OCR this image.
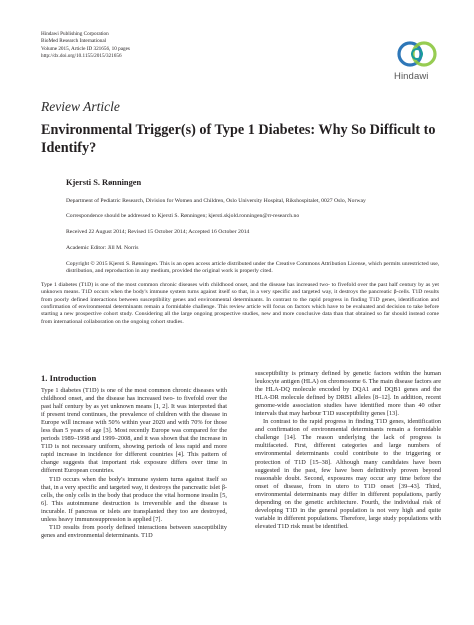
Hindawi Publishing Corporation
BioMed Research International
Volume 2015, Article ID 321656, 10 pages
http://dx.doi.org/10.1155/2015/321656
Hindawi
Review Article
Environmental Trigger(s) of Type 1 Diabetes: Why So Difficult to Identify?
Kjersti S. Rønningen
Department of Pediatric Research, Division for Women and Children, Oslo University Hospital, Rikshospitalet, 0027 Oslo, Norway
Correspondence should be addressed to Kjersti S. Rønningen; kjersti.skjold.ronningen@rr-research.no
Received 22 August 2014; Revised 15 October 2014; Accepted 16 October 2014
Academic Editor: Jill M. Norris
Copyright © 2015 Kjersti S. Rønningen. This is an open access article distributed under the Creative Commons Attribution License, which permits unrestricted use, distribution, and reproduction in any medium, provided the original work is properly cited.
Type 1 diabetes (T1D) is one of the most common chronic diseases with childhood onset, and the disease has increased two- to fivefold over the past half century by as yet unknown means. T1D occurs when the body's immune system turns against itself so that, in a very specific and targeted way, it destroys the pancreatic β-cells. T1D results from poorly defined interactions between susceptibility genes and environmental determinants. In contrast to the rapid progress in finding T1D genes, identification and confirmation of environmental determinants remain a formidable challenge. This review article will focus on factors which have to be evaluated and decision to take before starting a new prospective cohort study. Considering all the large ongoing prospective studies, new and more conclusive data than that obtained so far should instead come from international collaboration on the ongoing cohort studies.
1. Introduction

Type 1 diabetes (T1D) is one of the most common chronic diseases with childhood onset, and the disease has increased two- to fivefold over the past half century by as yet unknown means [1, 2]. It was interpreted that if present trend continues, the prevalence of children with the disease in Europe will increase with 50% within year 2020 and with 70% for those less than 5 years of age [3]. Most recently Europe was compared for the periods 1989–1998 and 1999–2008, and it was shown that the increase in T1D is not necessary uniform, showing periods of less rapid and more rapid increase in incidence for different countries [4]. This pattern of change suggests that important risk exposure differs over time in different European countries.

T1D occurs when the body's immune system turns against itself so that, in a very specific and targeted way, it destroys the pancreatic islet β-cells, the only cells in the body that produce the vital hormone insulin [5, 6]. This autoimmune destruction is irreversible and the disease is incurable. If pancreas or islets are transplanted they too are destroyed, unless heavy immunosuppression is applied [7].

T1D results from poorly defined interactions between susceptibility genes and environmental determinants. T1D

susceptibility is primary defined by genetic factors within the human leukocyte antigen (HLA) on chromosome 6. The main disease factors are the HLA-DQ molecule encoded by DQA1 and DQB1 genes and the HLA-DR molecule defined by DRB1 alleles [8–12]. In addition, recent genome-wide association studies have identified more than 40 other intervals that may harbour T1D susceptibility genes [13].

In contrast to the rapid progress in finding T1D genes, identification and confirmation of environmental determinants remain a formidable challenge [14]. The reason underlying the lack of progress is multifaceted. First, different categories and large numbers of environmental determinants could contribute to the triggering or protection of T1D [15–38]. Although many candidates have been suggested in the past, few have been definitively proven beyond reasonable doubt. Second, exposures may occur any time before the onset of disease, from in utero to T1D onset [39–43]. Third, environmental determinants may differ in different populations, partly depending on the genetic architecture. Fourth, the individual risk of developing T1D in the general population is not very high and quite variable in different populations. Therefore, large study populations with elevated T1D risk must be identified.
